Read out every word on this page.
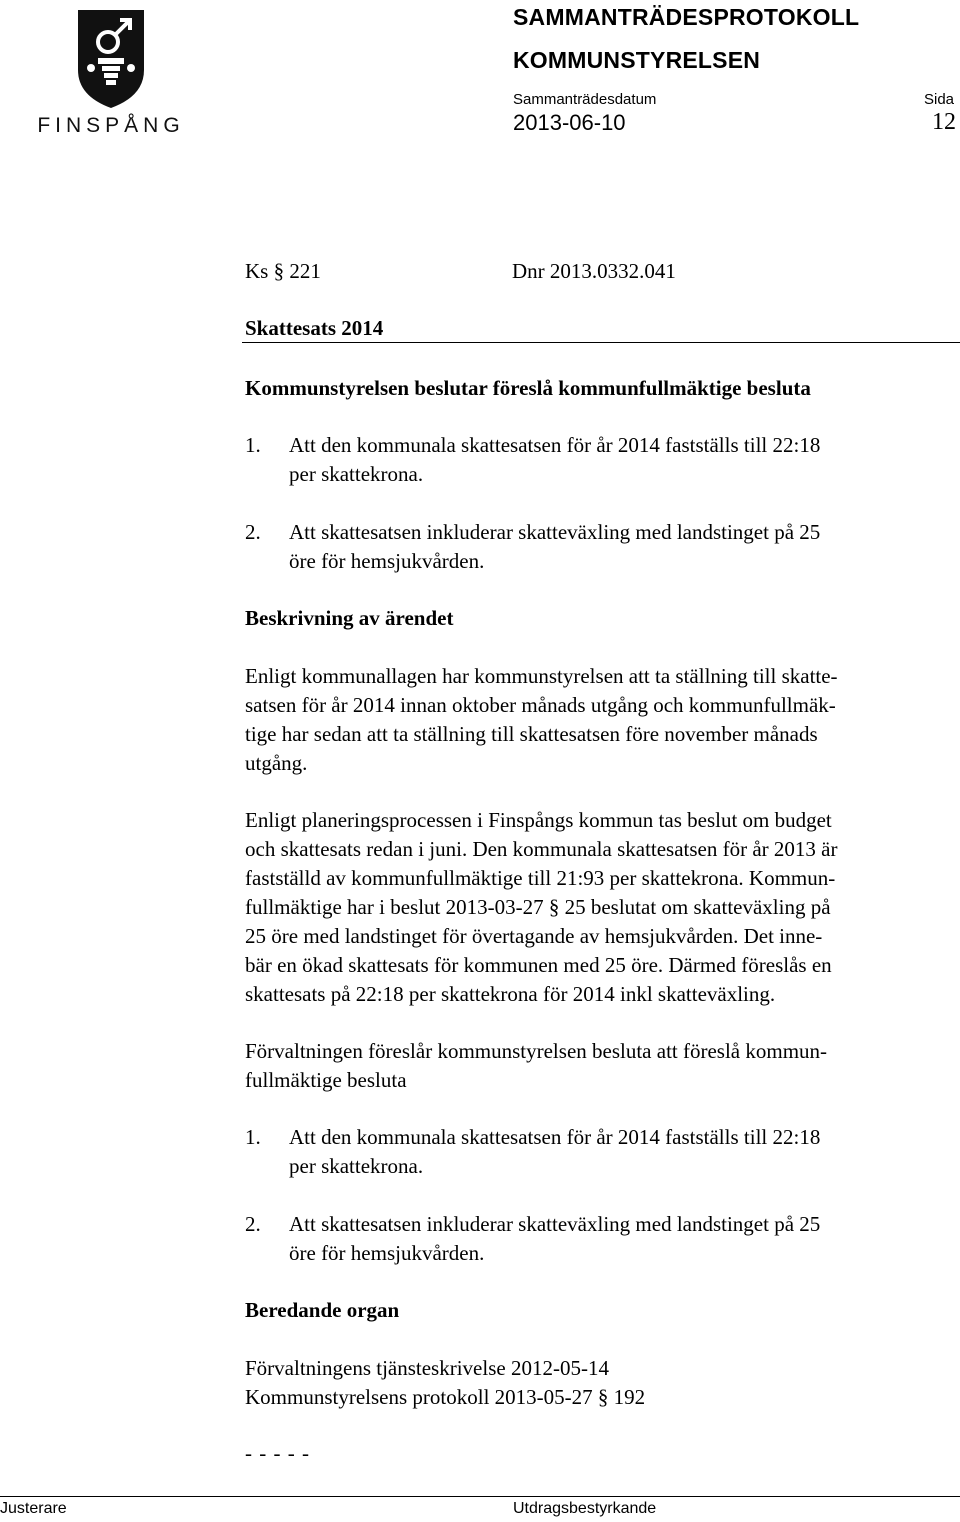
FINSPÅNG
SAMMANTRÄDESPROTOKOLL
KOMMUNSTYRELSEN
Sammanträdesdatum	Sida
2013-06-10	12
Ks § 221	Dnr 2013.0332.041
Skattesats 2014
Kommunstyrelsen beslutar föreslå kommunfullmäktige besluta
1. Att den kommunala skattesatsen för år 2014 fastställs till 22:18
per skattekrona.
2. Att skattesatsen inkluderar skatteväxling med landstinget på 25
öre för hemsjukvården.
Beskrivning av ärendet
Enligt kommunallagen har kommunstyrelsen att ta ställning till skatte-
satsen för år 2014 innan oktober månads utgång och kommunfullmäk-
tige har sedan att ta ställning till skattesatsen före november månads
utgång.
Enligt planeringsprocessen i Finspångs kommun tas beslut om budget
och skattesats redan i juni. Den kommunala skattesatsen för år 2013 är
fastställd av kommunfullmäktige till 21:93 per skattekrona. Kommun-
fullmäktige har i beslut 2013-03-27 § 25 beslutat om skatteväxling på
25 öre med landstinget för övertagande av hemsjukvården. Det inne-
bär en ökad skattesats för kommunen med 25 öre. Därmed föreslås en
skattesats på 22:18 per skattekrona för 2014 inkl skatteväxling.
Förvaltningen föreslår kommunstyrelsen besluta att föreslå kommun-
fullmäktige besluta
1. Att den kommunala skattesatsen för år 2014 fastställs till 22:18
per skattekrona.
2. Att skattesatsen inkluderar skatteväxling med landstinget på 25
öre för hemsjukvården.
Beredande organ
Förvaltningens tjänsteskrivelse 2012-05-14
Kommunstyrelsens protokoll 2013-05-27 § 192
- - - - -
Justerare	Utdragsbestyrkande
